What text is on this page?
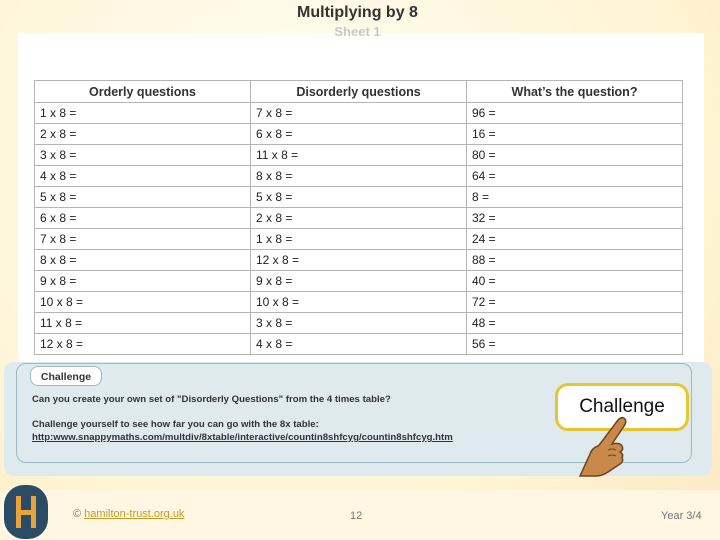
Multiplying by 8
Sheet 1
Orderly questions	Disorderly questions	What’s the question?
1 x 8 =	7 x 8 =	96 =
2 x 8 =	6 x 8 =	16 =
3 x 8 =	11 x 8 =	80 =
4 x 8 =	8 x 8 =	64 =
5 x 8 =	5 x 8 =	8 =
6 x 8 =	2 x 8 =	32 =
7 x 8 =	1 x 8 =	24 =
8 x 8 =	12 x 8 =	88 =
9 x 8 =	9 x 8 =	40 =
10 x 8 =	10 x 8 =	72 =
11 x 8 =	3 x 8 =	48 =
12 x 8 =	4 x 8 =	56 =
Challenge
Can you create your own set of "Disorderly Questions" from the 4 times table?
Challenge yourself to see how far you can go with the 8x table:
http:www.snappymaths.com/multdiv/8xtable/interactive/countin8shfcyg/countin8shfcyg.htm
Challenge
© hamilton-trust.org.uk	12	Year 3/4
